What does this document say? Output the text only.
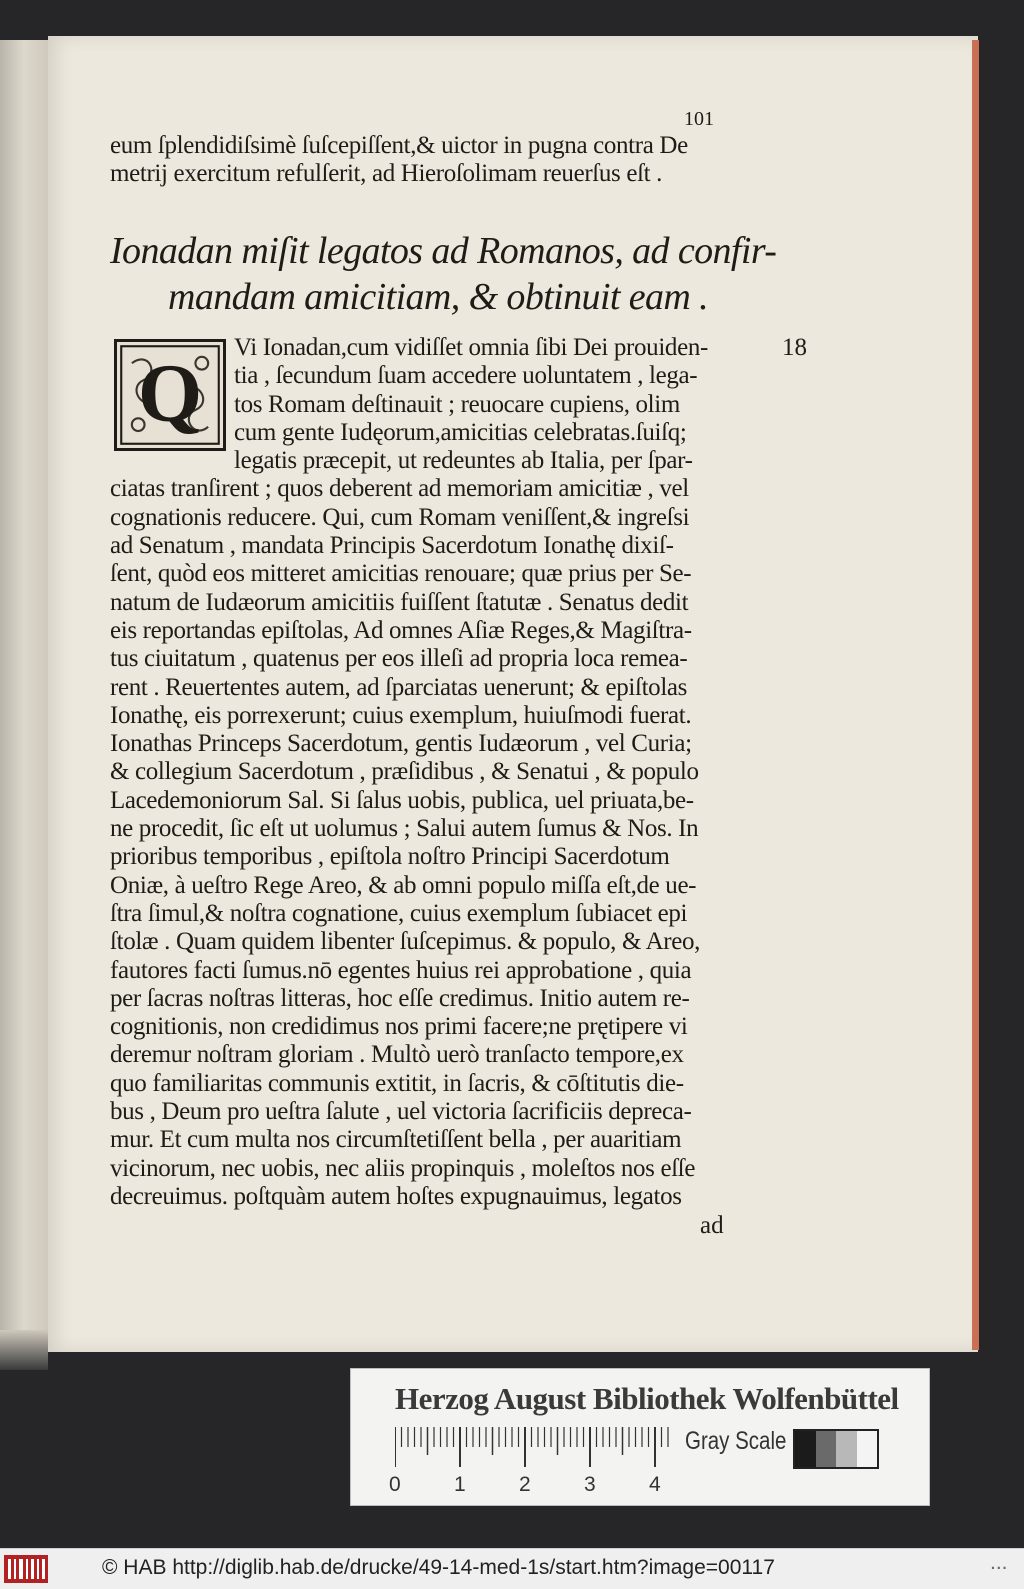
101
eum ſplendidiſsimè ſuſcepiſſent,& uictor in pugna contra De
metrij exercitum refulſerit, ad Hieroſolimam reuerſus eſt .
Ionadan miſit legatos ad Romanos, ad confir-
mandam amicitiam, & obtinuit eam .
Q	18
Vi Ionadan,cum vidiſſet omnia ſibi Dei prouiden-
tia , ſecundum ſuam accedere uoluntatem , lega-
tos Romam deſtinauit ; reuocare cupiens, olim
cum gente Iudęorum,amicitias celebratas.ſuiſq;
legatis præcepit, ut redeuntes ab Italia, per ſpar-
ciatas tranſirent ; quos deberent ad memoriam amicitiæ , vel
cognationis reducere. Qui, cum Romam veniſſent,& ingreſsi
ad Senatum , mandata Principis Sacerdotum Ionathę dixiſ-
ſent, quòd eos mitteret amicitias renouare; quæ prius per Se-
natum de Iudæorum amicitiis fuiſſent ſtatutæ . Senatus dedit
eis reportandas epiſtolas, Ad omnes Aſiæ Reges,& Magiſtra-
tus ciuitatum , quatenus per eos illeſi ad propria loca remea-
rent . Reuertentes autem, ad ſparciatas uenerunt; & epiſtolas
Ionathę, eis porrexerunt; cuius exemplum, huiuſmodi fuerat.
Ionathas Princeps Sacerdotum, gentis Iudæorum , vel Curia;
& collegium Sacerdotum , præſidibus , & Senatui , & populo
Lacedemoniorum Sal. Si ſalus uobis, publica, uel priuata,be-
ne procedit, ſic eſt ut uolumus ; Salui autem ſumus & Nos. In
prioribus temporibus , epiſtola noſtro Principi Sacerdotum
Oniæ, à ueſtro Rege Areo, & ab omni populo miſſa eſt,de ue-
ſtra ſimul,& noſtra cognatione, cuius exemplum ſubiacet epi
ſtolæ . Quam quidem libenter ſuſcepimus. & populo, & Areo,
fautores facti ſumus.nō egentes huius rei approbatione , quia
per ſacras noſtras litteras, hoc eſſe credimus. Initio autem re-
cognitionis, non credidimus nos primi facere;ne prętipere vi
deremur noſtram gloriam . Multò uerò tranſacto tempore,ex
quo familiaritas communis extitit, in ſacris, & cōſtitutis die-
bus , Deum pro ueſtra ſalute , uel victoria ſacrificiis depreca-
mur. Et cum multa nos circumſtetiſſent bella , per auaritiam
vicinorum, nec uobis, nec aliis propinquis , moleſtos nos eſſe
decreuimus. poſtquàm autem hoſtes expugnauimus, legatos
ad
Herzog August Bibliothek Wolfenbüttel
0	1	2	3	4
Gray Scale
© HAB http://diglib.hab.de/drucke/49-14-med-1s/start.htm?image=00117	...
